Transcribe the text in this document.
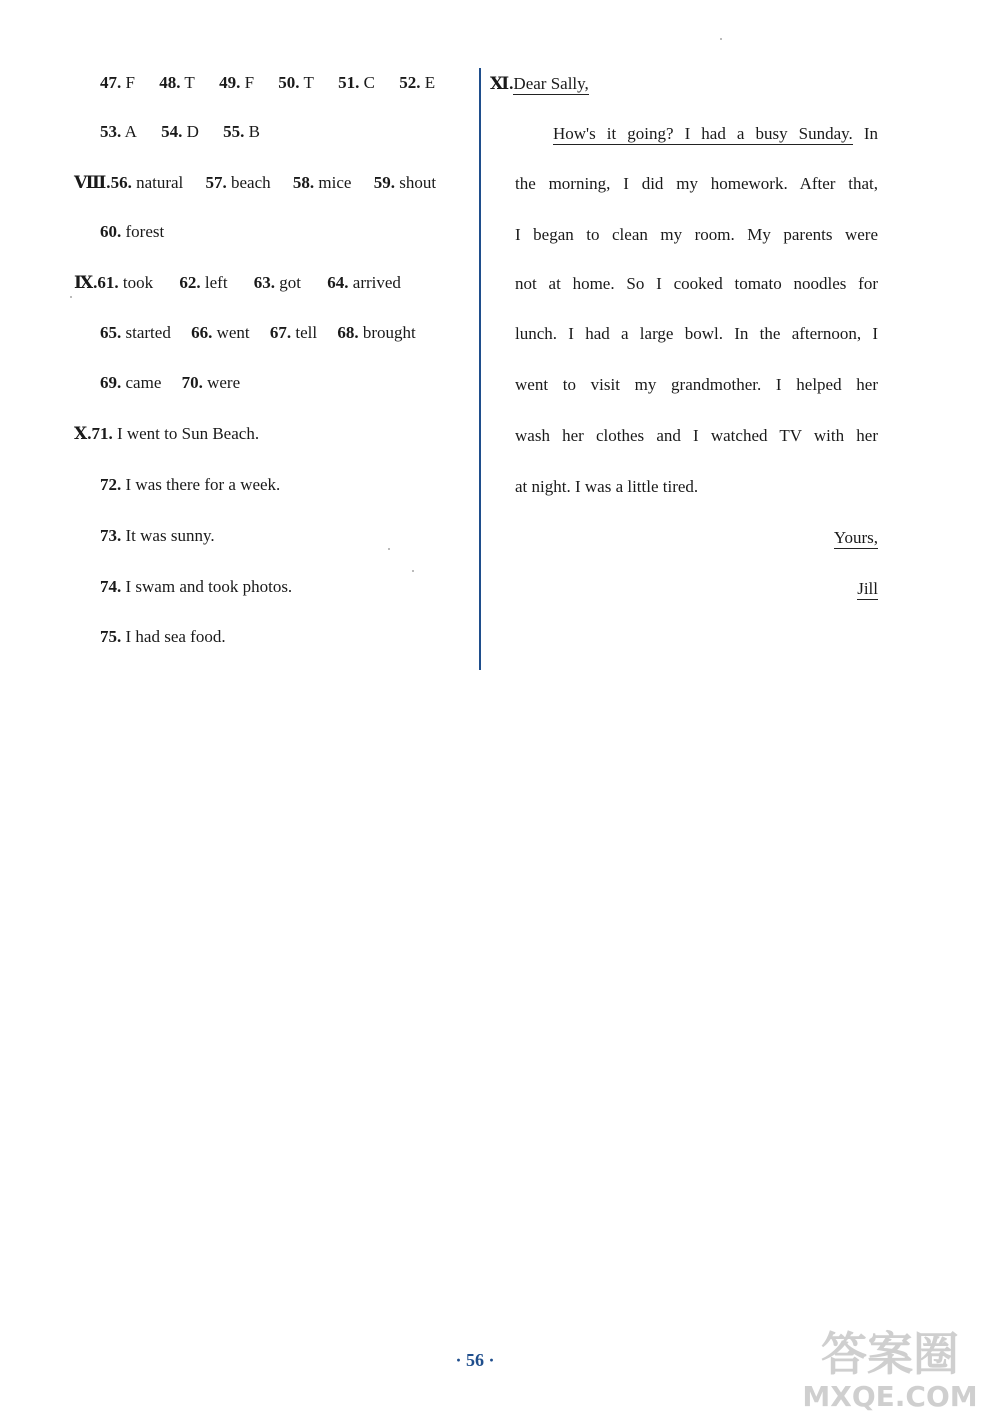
47. F 48. T 49. F 50. T 51. C 52. E
53. A 54. D 55. B
Ⅷ.56. natural 57. beach 58. mice 59. shout
60. forest
Ⅸ.61. took 62. left 63. got 64. arrived
65. started 66. went 67. tell 68. brought
69. came 70. were
Ⅹ.71. I went to Sun Beach.
72. I was there for a week.
73. It was sunny.
74. I swam and took photos.
75. I had sea food.
Ⅺ.Dear Sally,
How's it going? I had a busy Sunday. In
the morning, I did my homework. After that,
I began to clean my room. My parents were
not at home. So I cooked tomato noodles for
lunch. I had a large bowl. In the afternoon, I
went to visit my grandmother. I helped her
wash her clothes and I watched TV with her
at night. I was a little tired.
Yours,
Jill
· 56 ·	答案圈
MXQE.COM
